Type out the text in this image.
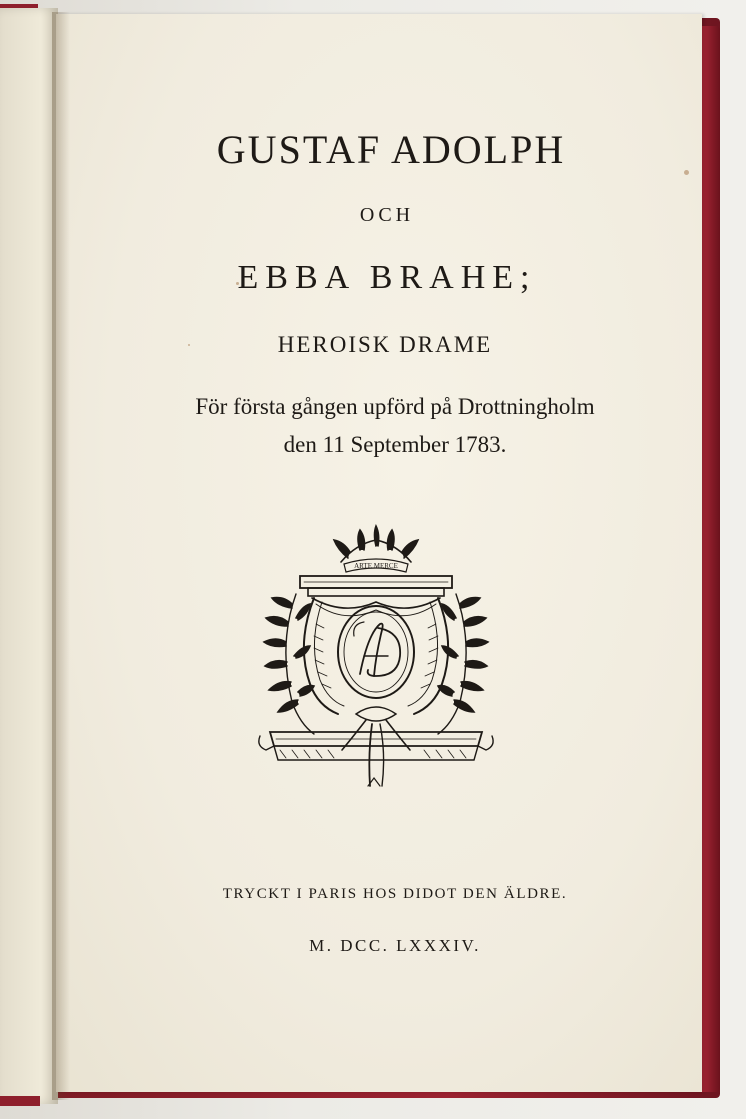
GUSTAF ADOLPH
OCH
EBBA BRAHE;
HEROISK DRAME
För första gången upförd på Drottningholm
den 11 September 1783.
ARTE MERCE
TRYCKT I PARIS HOS DIDOT DEN ÄLDRE.
M. DCC. LXXXIV.
